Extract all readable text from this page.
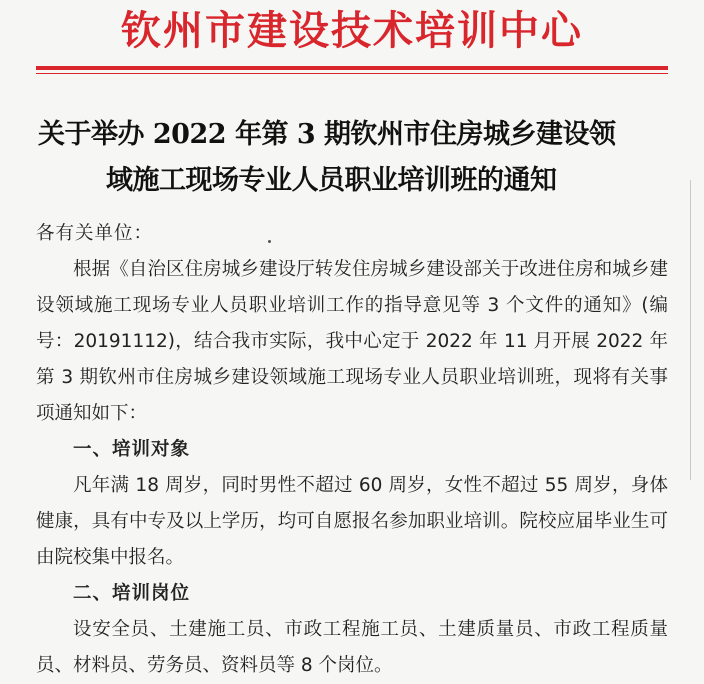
钦州市建设技术培训中心
关于举办 2022 年第 3 期钦州市住房城乡建设领
域施工现场专业人员职业培训班的通知

各有关单位：

根据《自治区住房城乡建设厅转发住房城乡建设部关于改进住房和城乡建设领域施工现场专业人员职业培训工作的指导意见等 3 个文件的通知》(编号：20191112)，结合我市实际，我中心定于 2022 年 11 月开展 2022 年第 3 期钦州市住房城乡建设领域施工现场专业人员职业培训班，现将有关事项通知如下：

一、培训对象

凡年满 18 周岁，同时男性不超过 60 周岁，女性不超过 55 周岁，身体健康，具有中专及以上学历，均可自愿报名参加职业培训。院校应届毕业生可由院校集中报名。

二、培训岗位

设安全员、土建施工员、市政工程施工员、土建质量员、市政工程质量员、材料员、劳务员、资料员等 8 个岗位。
